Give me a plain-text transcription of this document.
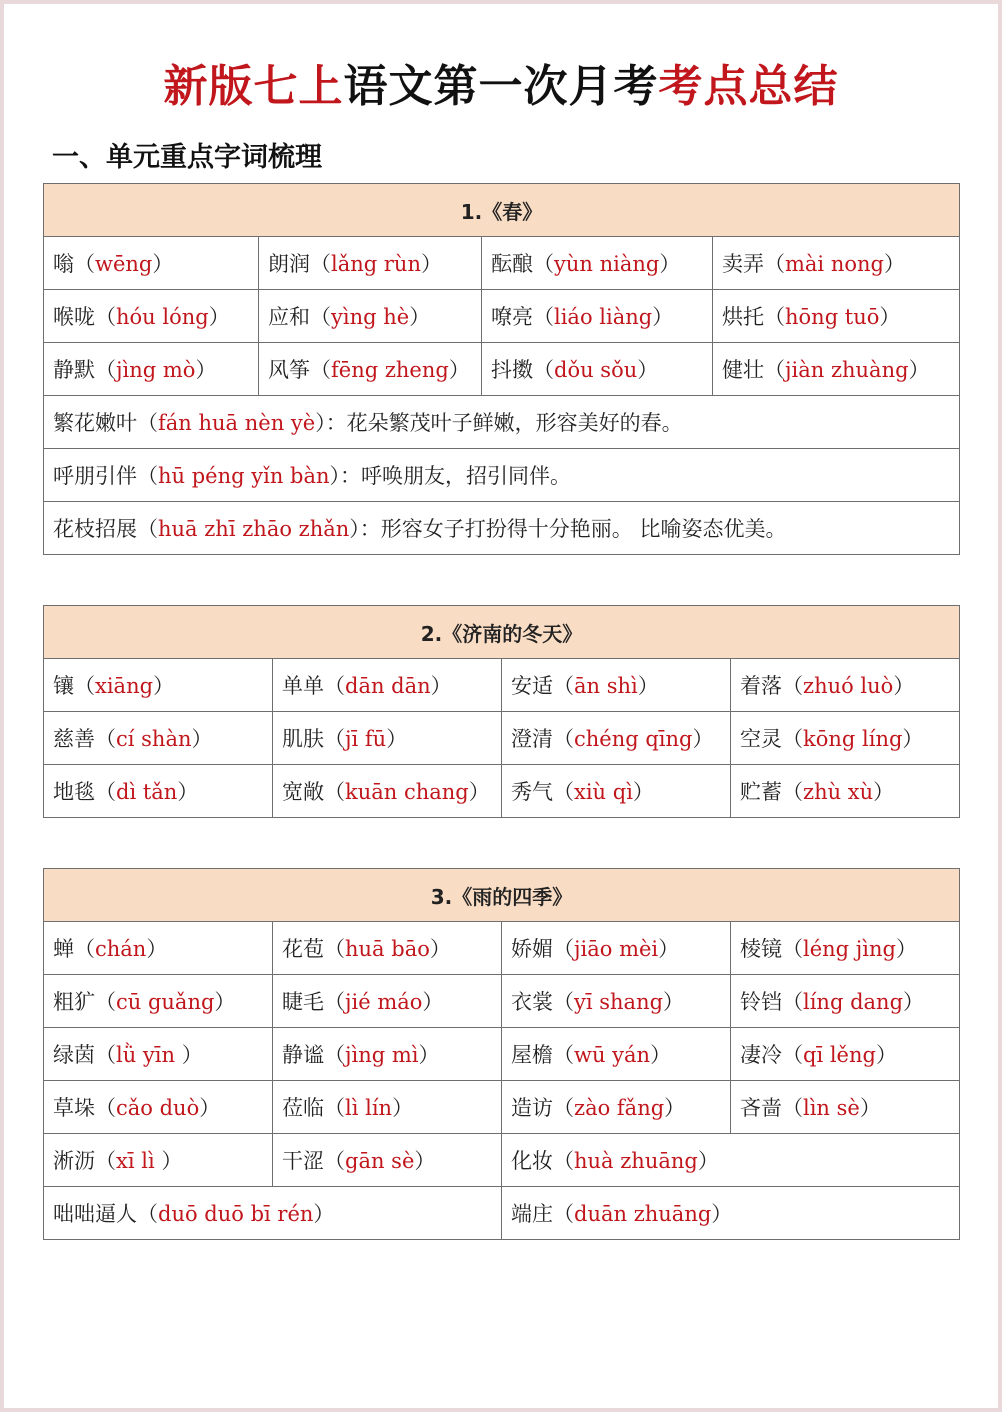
新版七上语文第一次月考考点总结
一、单元重点字词梳理
1.《春》			
嗡（wēng）	朗润（lǎng rùn）	酝酿（yùn niàng）	卖弄（mài nong）
喉咙（hóu lóng）	应和（yìng hè）	嘹亮（liáo liàng）	烘托（hōng tuō）
静默（jìng mò）	风筝（fēng zheng）	抖擞（dǒu sǒu）	健壮（jiàn zhuàng）
繁花嫩叶（fán huā nèn yè）：花朵繁茂叶子鲜嫩，形容美好的春。			
呼朋引伴（hū péng yǐn bàn）：呼唤朋友，招引同伴。			
花枝招展（huā zhī zhāo zhǎn）：形容女子打扮得十分艳丽。 比喻姿态优美。			
2.《济南的冬天》			
镶（xiāng）	单单（dān dān）	安适（ān shì）	着落（zhuó luò）
慈善（cí shàn）	肌肤（jī fū）	澄清（chéng qīng）	空灵（kōng líng）
地毯（dì tǎn）	宽敞（kuān chang）	秀气（xiù qì）	贮蓄（zhù xù）
3.《雨的四季》			
蝉（chán）	花苞（huā bāo）	娇媚（jiāo mèi）	棱镜（léng jìng）
粗犷（cū guǎng）	睫毛（jié máo）	衣裳（yī shang）	铃铛（líng dang）
绿茵（lǜ yīn ）	静谧（jìng mì）	屋檐（wū yán）	凄冷（qī lěng）
草垛（cǎo duò）	莅临（lì lín）	造访（zào fǎng）	吝啬（lìn sè）
淅沥（xī lì ）	干涩（gān sè）	化妆（huà zhuāng）	
咄咄逼人（duō duō bī rén）		端庄（duān zhuāng）	
